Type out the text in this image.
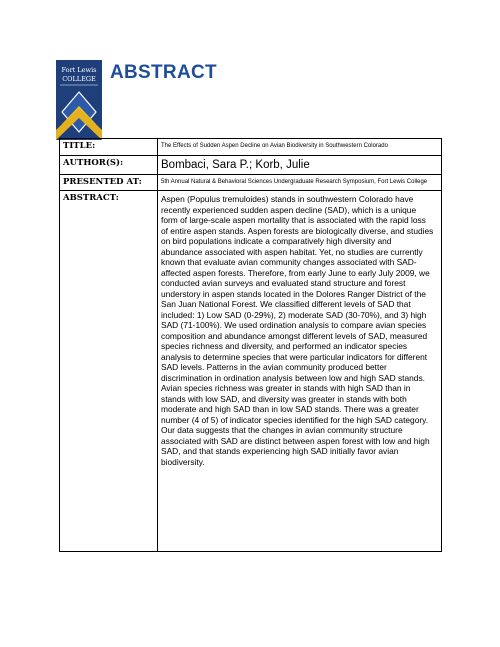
Fort Lewis
COLLEGE ABSTRACT
TITLE:	The Effects of Sudden Aspen Decline on Avian Biodiversity in Southwestern Colorado
AUTHOR(S):	Bombaci, Sara P.; Korb, Julie
PRESENTED AT:	5th Annual Natural & Behavioral Sciences Undergraduate Research Symposium, Fort Lewis College
ABSTRACT:	Aspen (Populus tremuloides) stands in southwestern Colorado have recently experienced sudden aspen decline (SAD), which is a unique form of large-scale aspen mortality that is associated with the rapid loss of entire aspen stands. Aspen forests are biologically diverse, and studies on bird populations indicate a comparatively high diversity and abundance associated with aspen habitat. Yet, no studies are currently known that evaluate avian community changes associated with SAD-affected aspen forests. Therefore, from early June to early July 2009, we conducted avian surveys and evaluated stand structure and forest understory in aspen stands located in the Dolores Ranger District of the San Juan National Forest. We classified different levels of SAD that included: 1) Low SAD (0-29%), 2) moderate SAD (30-70%), and 3) high SAD (71-100%). We used ordination analysis to compare avian species composition and abundance amongst different levels of SAD, measured species richness and diversity, and performed an indicator species analysis to determine species that were particular indicators for different SAD levels. Patterns in the avian community produced better discrimination in ordination analysis between low and high SAD stands. Avian species richness was greater in stands with high SAD than in stands with low SAD, and diversity was greater in stands with both moderate and high SAD than in low SAD stands. There was a greater number (4 of 5) of indicator species identified for the high SAD category. Our data suggests that the changes in avian community structure associated with SAD are distinct between aspen forest with low and high SAD, and that stands experiencing high SAD initially favor avian biodiversity.
